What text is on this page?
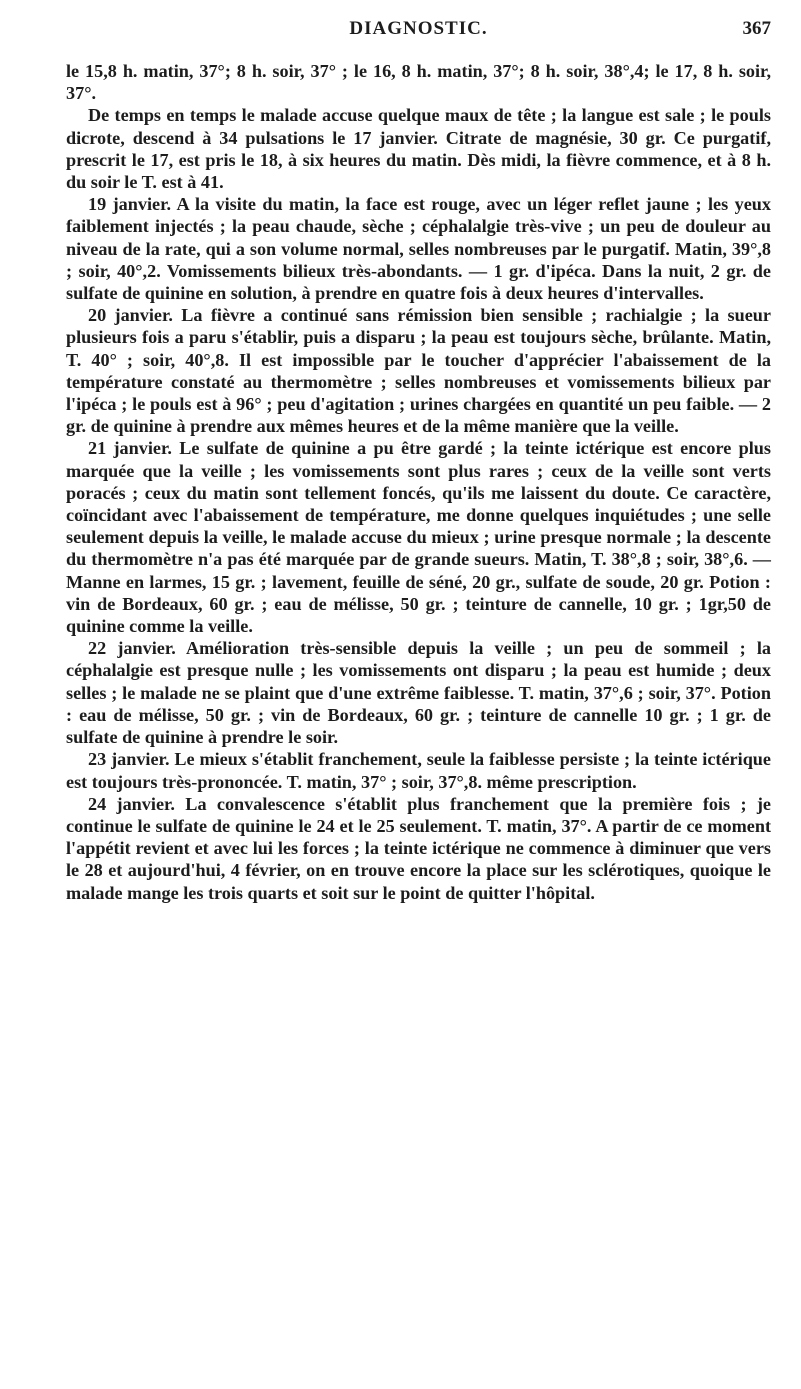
DIAGNOSTIC.	367

le 15,8 h. matin, 37°; 8 h. soir, 37° ; le 16, 8 h. matin, 37°; 8 h. soir, 38°,4; le 17, 8 h. soir, 37°.

De temps en temps le malade accuse quelque maux de tête ; la langue est sale ; le pouls dicrote, descend à 34 pulsations le 17 janvier. Citrate de magnésie, 30 gr. Ce purgatif, prescrit le 17, est pris le 18, à six heures du matin. Dès midi, la fièvre commence, et à 8 h. du soir le T. est à 41.

19 janvier. A la visite du matin, la face est rouge, avec un léger reflet jaune ; les yeux faiblement injectés ; la peau chaude, sèche ; céphalalgie très-vive ; un peu de douleur au niveau de la rate, qui a son volume normal, selles nombreuses par le purgatif. Matin, 39°,8 ; soir, 40°,2. Vomissements bilieux très-abondants. — 1 gr. d'ipéca. Dans la nuit, 2 gr. de sulfate de quinine en solution, à prendre en quatre fois à deux heures d'intervalles.

20 janvier. La fièvre a continué sans rémission bien sensible ; rachialgie ; la sueur plusieurs fois a paru s'établir, puis a disparu ; la peau est toujours sèche, brûlante. Matin, T. 40° ; soir, 40°,8. Il est impossible par le toucher d'apprécier l'abaissement de la température constaté au thermomètre ; selles nombreuses et vomissements bilieux par l'ipéca ; le pouls est à 96° ; peu d'agitation ; urines chargées en quantité un peu faible. — 2 gr. de quinine à prendre aux mêmes heures et de la même manière que la veille.

21 janvier. Le sulfate de quinine a pu être gardé ; la teinte ictérique est encore plus marquée que la veille ; les vomissements sont plus rares ; ceux de la veille sont verts poracés ; ceux du matin sont tellement foncés, qu'ils me laissent du doute. Ce caractère, coïncidant avec l'abaissement de température, me donne quelques inquiétudes ; une selle seulement depuis la veille, le malade accuse du mieux ; urine presque normale ; la descente du thermomètre n'a pas été marquée par de grande sueurs. Matin, T. 38°,8 ; soir, 38°,6. — Manne en larmes, 15 gr. ; lavement, feuille de séné, 20 gr., sulfate de soude, 20 gr. Potion : vin de Bordeaux, 60 gr. ; eau de mélisse, 50 gr. ; teinture de cannelle, 10 gr. ; 1gr,50 de quinine comme la veille.

22 janvier. Amélioration très-sensible depuis la veille ; un peu de sommeil ; la céphalalgie est presque nulle ; les vomissements ont disparu ; la peau est humide ; deux selles ; le malade ne se plaint que d'une extrême faiblesse. T. matin, 37°,6 ; soir, 37°. Potion : eau de mélisse, 50 gr. ; vin de Bordeaux, 60 gr. ; teinture de cannelle 10 gr. ; 1 gr. de sulfate de quinine à prendre le soir.

23 janvier. Le mieux s'établit franchement, seule la faiblesse persiste ; la teinte ictérique est toujours très-prononcée. T. matin, 37° ; soir, 37°,8. même prescription.

24 janvier. La convalescence s'établit plus franchement que la première fois ; je continue le sulfate de quinine le 24 et le 25 seulement. T. matin, 37°. A partir de ce moment l'appétit revient et avec lui les forces ; la teinte ictérique ne commence à diminuer que vers le 28 et aujourd'hui, 4 février, on en trouve encore la place sur les sclérotiques, quoique le malade mange les trois quarts et soit sur le point de quitter l'hôpital.
